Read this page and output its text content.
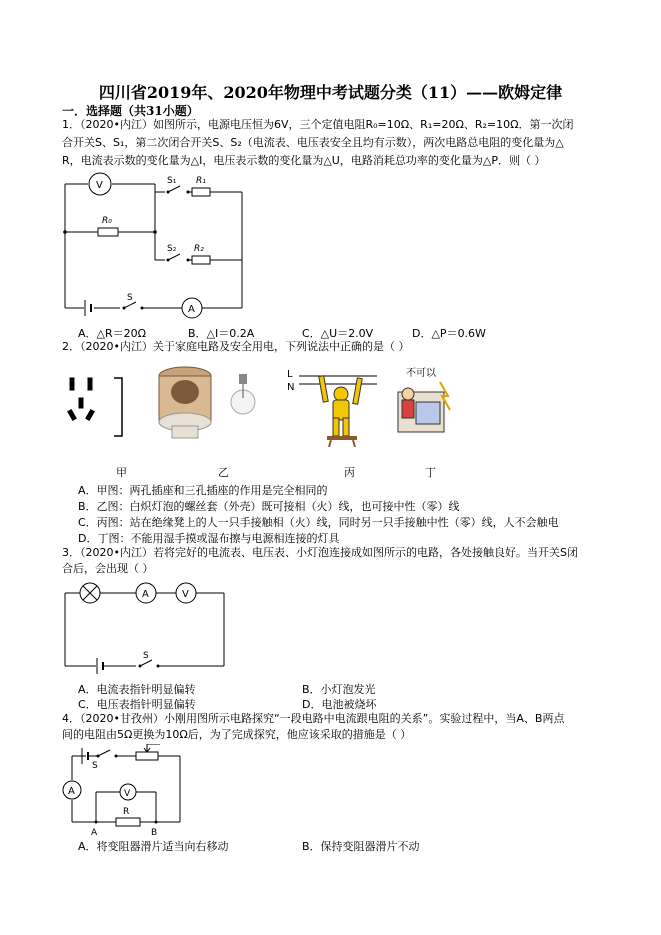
四川省2019年、2020年物理中考试题分类（11）——欧姆定律
一．选择题（共31小题）
1．（2020•内江）如图所示，电源电压恒为6V，三个定值电阻R₀=10Ω、R₁=20Ω、R₂=10Ω．第一次闭
合开关S、S₁，第二次闭合开关S、S₂（电流表、电压表安全且均有示数），两次电路总电阻的变化量为△
R，电流表示数的变化量为△I，电压表示数的变化量为△U，电路消耗总功率的变化量为△P．则（ ）
V
A
S
S₁
S₂
R₀
R₁
R₂
A．△R＝20Ω	B．△I＝0.2A	C．△U＝2.0V	D．△P＝0.6W
2．（2020•内江）关于家庭电路及安全用电，下列说法中正确的是（ ）
L
N
不可以
甲	乙	丙	丁
A．甲图：两孔插座和三孔插座的作用是完全相同的
B．乙图：白炽灯泡的螺丝套（外壳）既可接相（火）线，也可接中性（零）线
C．丙图：站在绝缘凳上的人一只手接触相（火）线，同时另一只手接触中性（零）线，人不会触电
D．丁图：不能用湿手摸或湿布擦与电源相连接的灯具
3．（2020•内江）若将完好的电流表、电压表、小灯泡连接成如图所示的电路，各处接触良好。当开关S闭
合后，会出现（ ）
A	V
S
A．电流表指针明显偏转	B．小灯泡发光
C．电压表指针明显偏转	D．电池被烧坏
4．（2020•甘孜州）小刚用图所示电路探究“一段电路中电流跟电阻的关系”。实验过程中，当A、B两点
间的电阻由5Ω更换为10Ω后，为了完成探究，他应该采取的措施是（ ）
A	V
S
R
A	B
A．将变阻器滑片适当向右移动	B．保持变阻器滑片不动
